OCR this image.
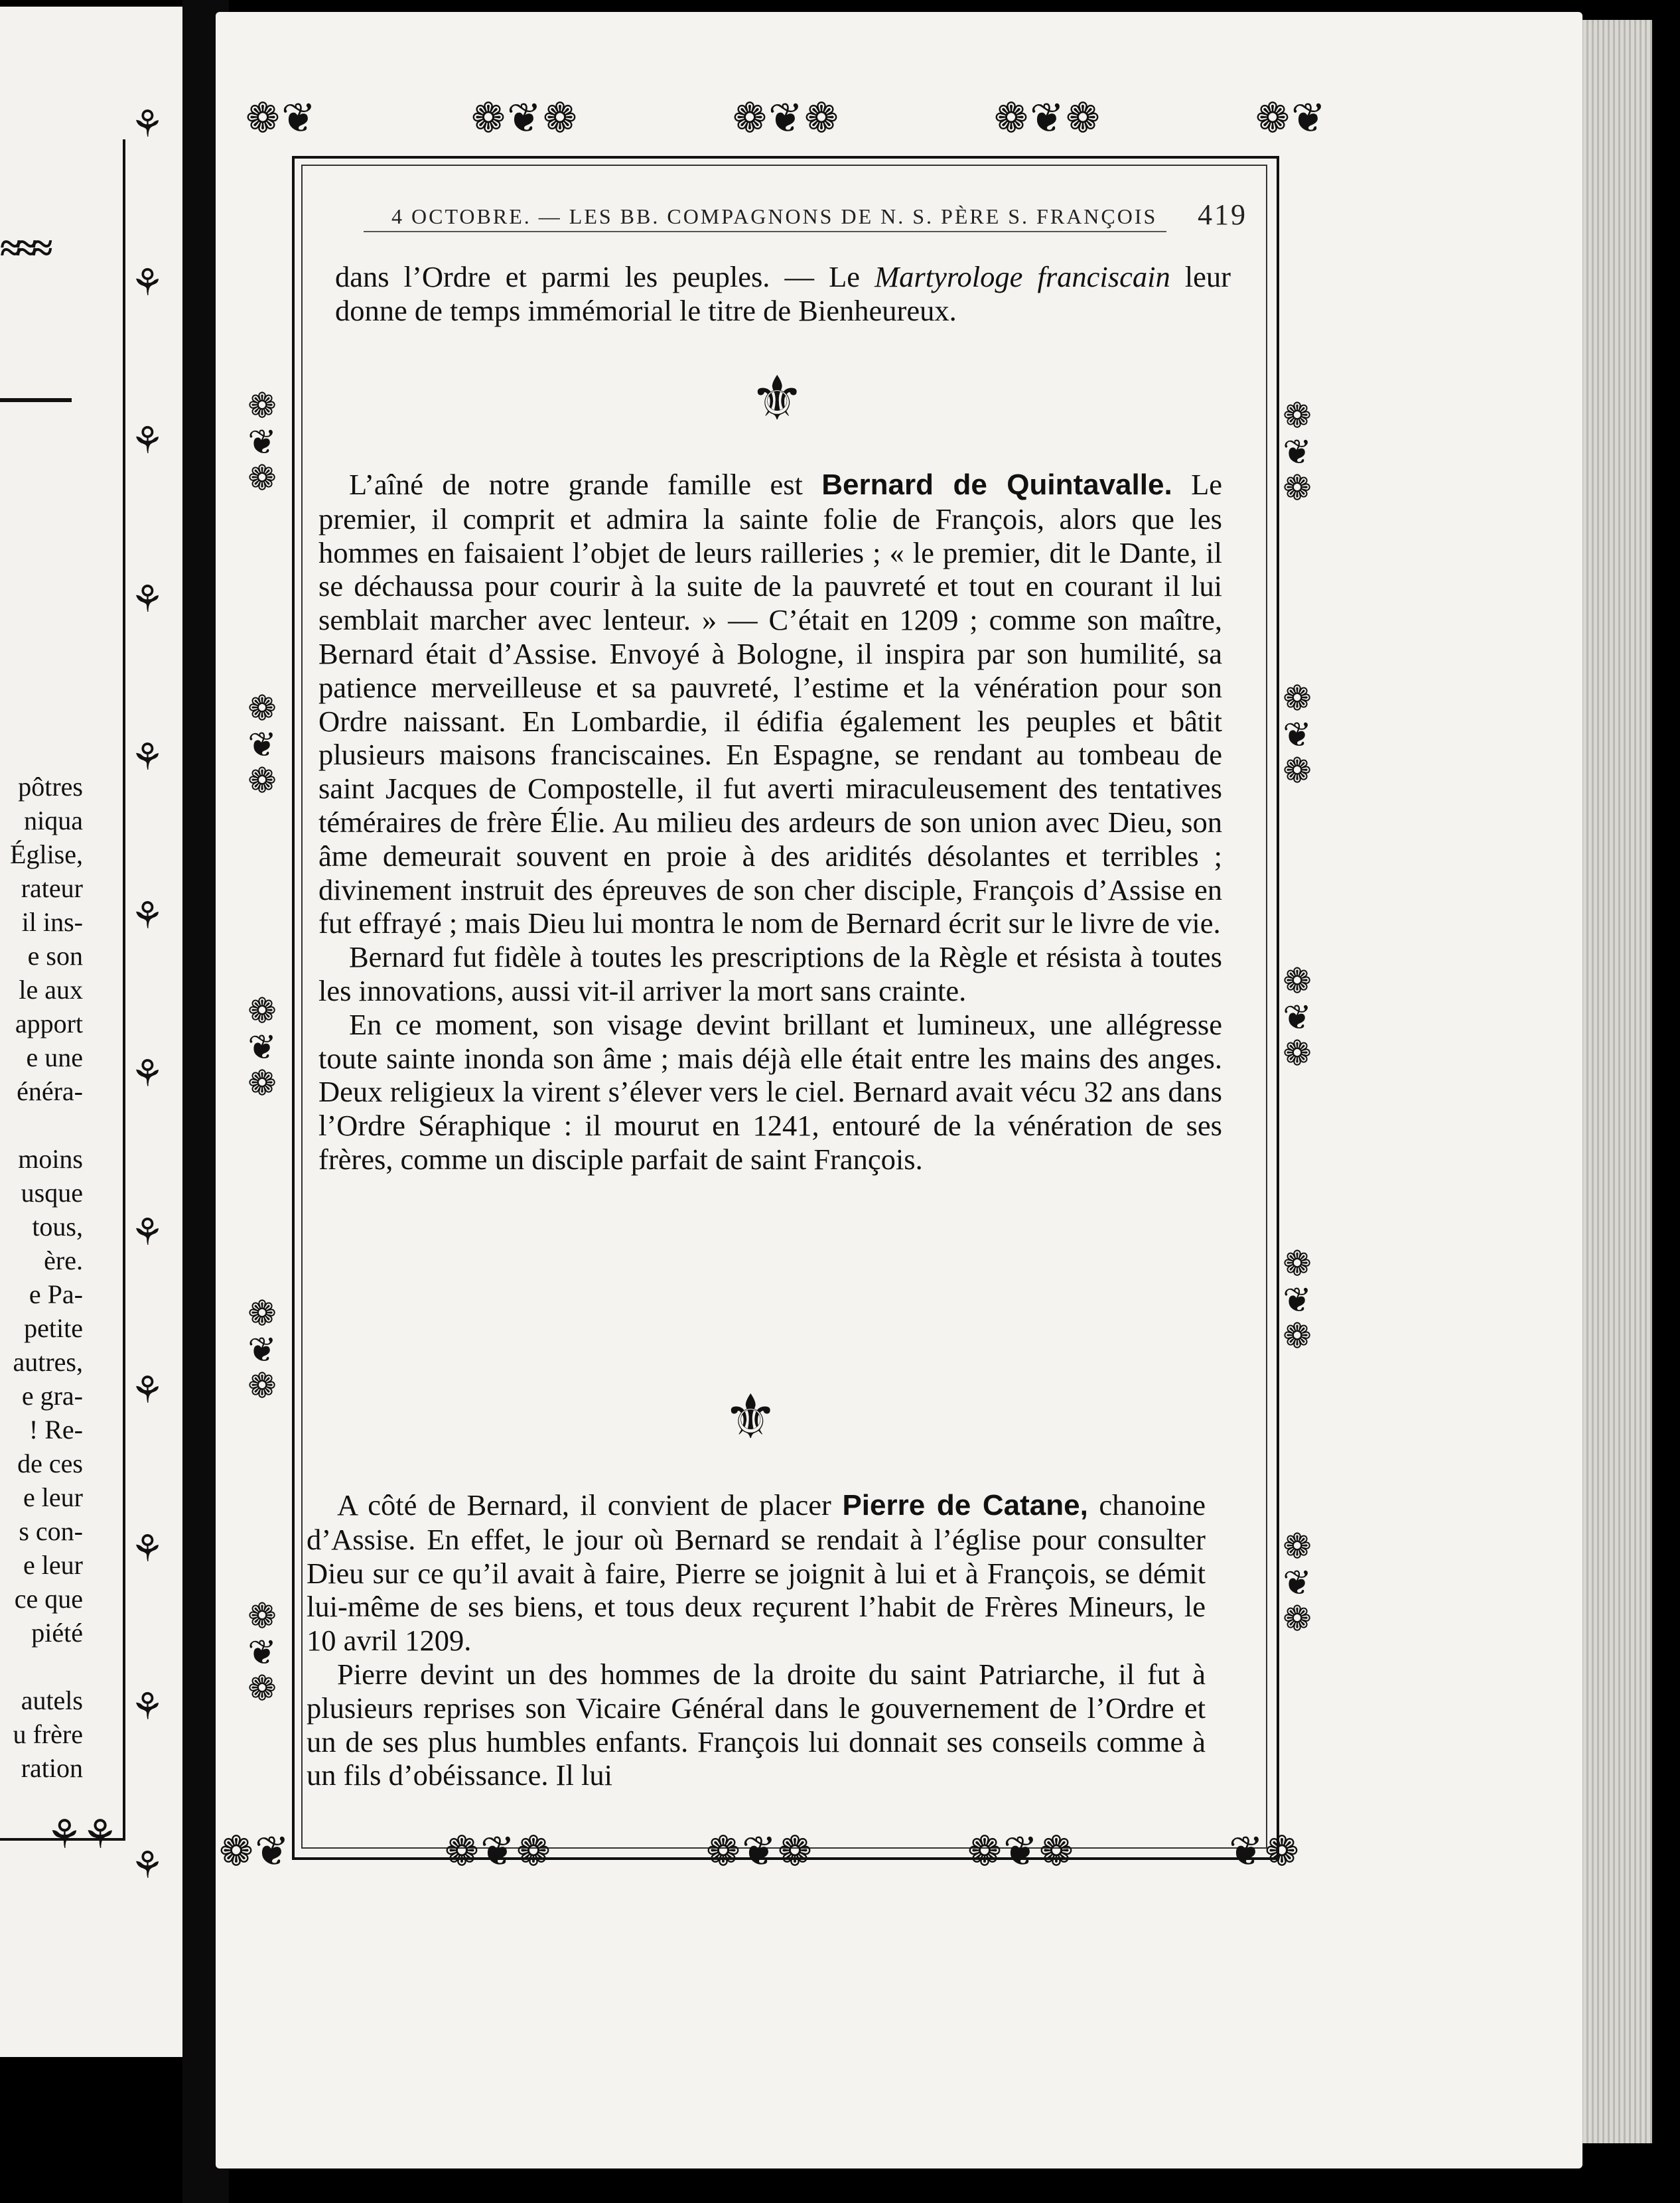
≈≈≈
⚘
⚘
⚘
⚘
⚘
⚘
⚘
⚘
⚘
⚘
⚘
⚘
pôtres
niqua
Église,
rateur
il ins-
e son
le aux
apport
e une
énéra-
moins
usque
tous,
ère.
e Pa-
petite
autres,
e gra-
! Re-
de ces
e leur
s con-
e leur
ce que
piété
autels
u frère
ration
⚘⚘
❁❦	❁❦❁	❁❦❁	❁❦❁	❁❦
❁❦	❁❦❁	❁❦❁	❁❦❁	❦❁
❁
❦
❁
❁
❦
❁
❁
❦
❁
❁
❦
❁
❁
❦
❁
❁
❦
❁
❁
❦
❁
❁
❦
❁
❁
❦
❁
❁
❦
❁
4 OCTOBRE. — LES BB. COMPAGNONS DE N. S. PÈRE S. FRANÇOIS 419

dans l’Ordre et parmi les peuples. — Le Martyrologe franciscain leur donne de temps immémorial le titre de Bienheureux.

⚜

L’aîné de notre grande famille est Bernard de Quintavalle. Le premier, il comprit et admira la sainte folie de François, alors que les hommes en faisaient l’objet de leurs railleries ; « le premier, dit le Dante, il se déchaussa pour courir à la suite de la pauvreté et tout en courant il lui semblait marcher avec lenteur. » — C’était en 1209 ; comme son maître, Bernard était d’Assise. Envoyé à Bologne, il inspira par son humilité, sa patience merveilleuse et sa pauvreté, l’estime et la vénération pour son Ordre naissant. En Lombardie, il édifia également les peuples et bâtit plusieurs maisons franciscaines. En Espagne, se rendant au tombeau de saint Jacques de Compostelle, il fut averti miraculeusement des tentatives téméraires de frère Élie. Au milieu des ardeurs de son union avec Dieu, son âme demeurait souvent en proie à des aridités désolantes et terribles ; divinement instruit des épreuves de son cher disciple, François d’Assise en fut effrayé ; mais Dieu lui montra le nom de Bernard écrit sur le livre de vie.

Bernard fut fidèle à toutes les prescriptions de la Règle et résista à toutes les innovations, aussi vit-il arriver la mort sans crainte.

En ce moment, son visage devint brillant et lumineux, une allégresse toute sainte inonda son âme ; mais déjà elle était entre les mains des anges. Deux religieux la virent s’élever vers le ciel. Bernard avait vécu 32 ans dans l’Ordre Séraphique : il mourut en 1241, entouré de la vénération de ses frères, comme un disciple parfait de saint François.

⚜

A côté de Bernard, il convient de placer Pierre de Catane, chanoine d’Assise. En effet, le jour où Bernard se rendait à l’église pour consulter Dieu sur ce qu’il avait à faire, Pierre se joignit à lui et à François, se démit lui-même de ses biens, et tous deux reçurent l’habit de Frères Mineurs, le 10 avril 1209.

Pierre devint un des hommes de la droite du saint Patriarche, il fut à plusieurs reprises son Vicaire Général dans le gouvernement de l’Ordre et un de ses plus humbles enfants. François lui donnait ses conseils comme à un fils d’obéissance. Il lui
